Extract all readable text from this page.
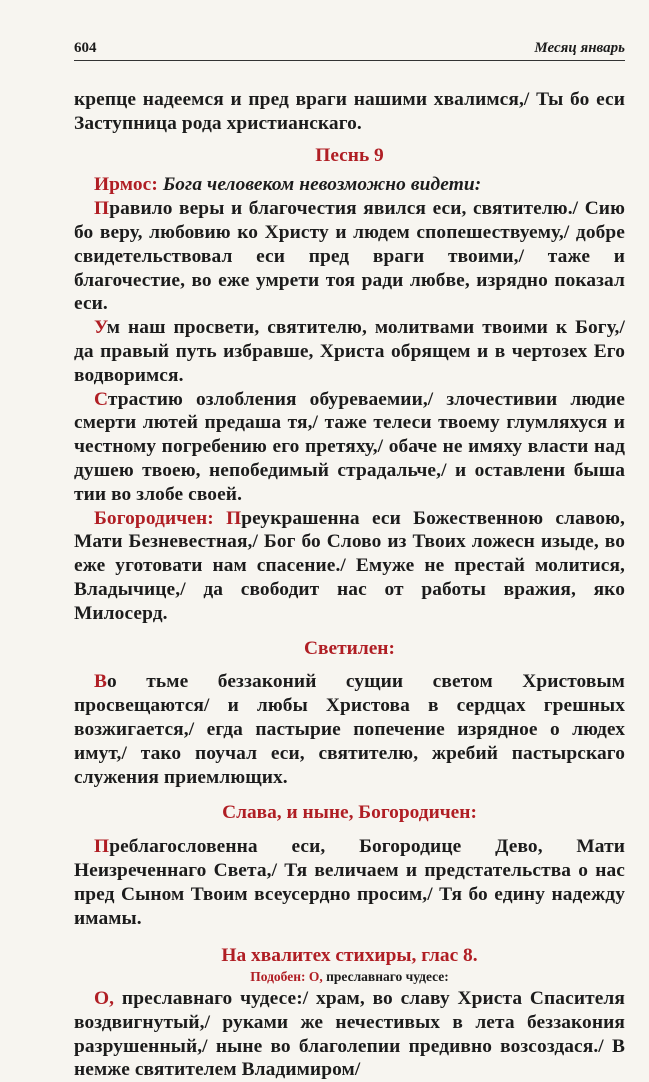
604	Месяц январь

крепце надеемся и пред враги нашими хвалимся,/ Ты бо еси Заступница рода христианскаго.

Песнь 9

Ирмос: Бога человеком невозможно видети:

Правило веры и благочестия явился еси, святителю./ Сию бо веру, любовию ко Христу и людем спопешествуему,/ добре свидетельствовал еси пред враги твоими,/ таже и благочестие, во еже умрети тоя ради любве, изрядно показал еси.

Ум наш просвети, святителю, молитвами твоими к Богу,/ да правый путь избравше, Христа обрящем и в чертозех Его водворимся.

Страстию озлобления обуреваемии,/ злочестивии людие смерти лютей предаша тя,/ таже телеси твоему глумляхуся и честному погребению его претяху,/ обаче не имяху власти над душею твоею, непобедимый страдальче,/ и оставлени быша тии во злобе своей.

Богородичен: Преукрашенна еси Божественною славою, Мати Безневестная,/ Бог бо Слово из Твоих ложесн изыде, во еже уготовати нам спасение./ Емуже не престай молитися, Владычице,/ да свободит нас от работы вражия, яко Милосерд.

Светилен:

Во тьме беззаконий сущии светом Христовым просвещаются/ и любы Христова в сердцах грешных возжигается,/ егда пастырие попечение изрядное о людех имут,/ тако поучал еси, святителю, жребий пастырскаго служения приемлющих.

Слава, и ныне, Богородичен:

Преблагословенна еси, Богородице Дево, Мати Неизреченнаго Света,/ Тя величаем и предстательства о нас пред Сыном Твоим всеусердно просим,/ Тя бо едину надежду имамы.

На хвалитех стихиры, глас 8.
Подобен: О, преславнаго чудесе:

О, преславнаго чудесе:/ храм, во славу Христа Спасителя воздвигнутый,/ руками же нечестивых в лета беззакония разрушенный,/ ныне во благолепии предивно возсоздася./ В немже святителем Владимиром/
